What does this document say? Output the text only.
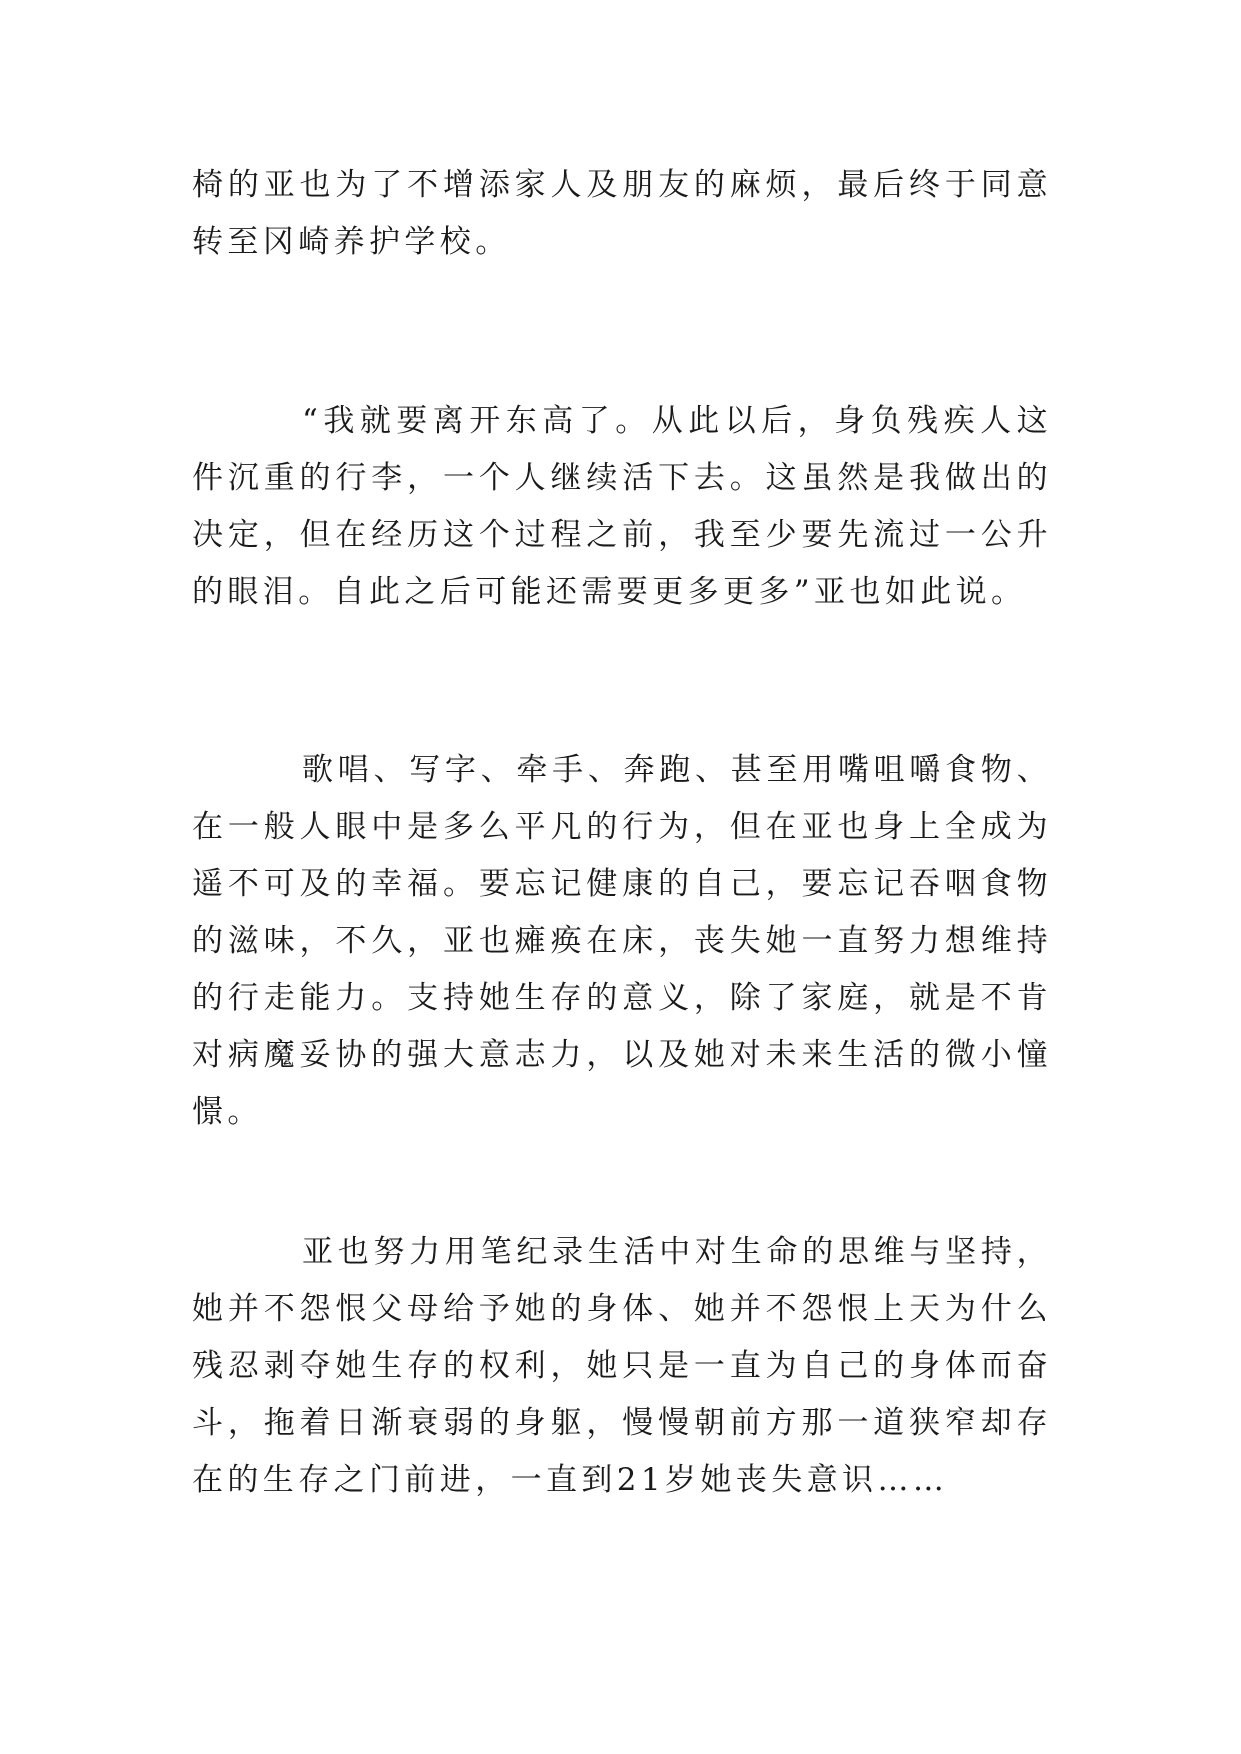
椅的亚也为了不增添家人及朋友的麻烦，最后终于同意转至冈崎养护学校。

“我就要离开东高了。从此以后，身负残疾人这件沉重的行李，一个人继续活下去。这虽然是我做出的决定，但在经历这个过程之前，我至少要先流过一公升的眼泪。自此之后可能还需要更多更多”亚也如此说。

歌唱、写字、牵手、奔跑、甚至用嘴咀嚼食物、在一般人眼中是多么平凡的行为，但在亚也身上全成为遥不可及的幸福。要忘记健康的自己，要忘记吞咽食物的滋味，不久，亚也瘫痪在床，丧失她一直努力想维持的行走能力。支持她生存的意义，除了家庭，就是不肯对病魔妥协的强大意志力，以及她对未来生活的微小憧憬。

亚也努力用笔纪录生活中对生命的思维与坚持，她并不怨恨父母给予她的身体、她并不怨恨上天为什么残忍剥夺她生存的权利，她只是一直为自己的身体而奋斗，拖着日渐衰弱的身躯，慢慢朝前方那一道狭窄却存在的生存之门前进，一直到21岁她丧失意识……
